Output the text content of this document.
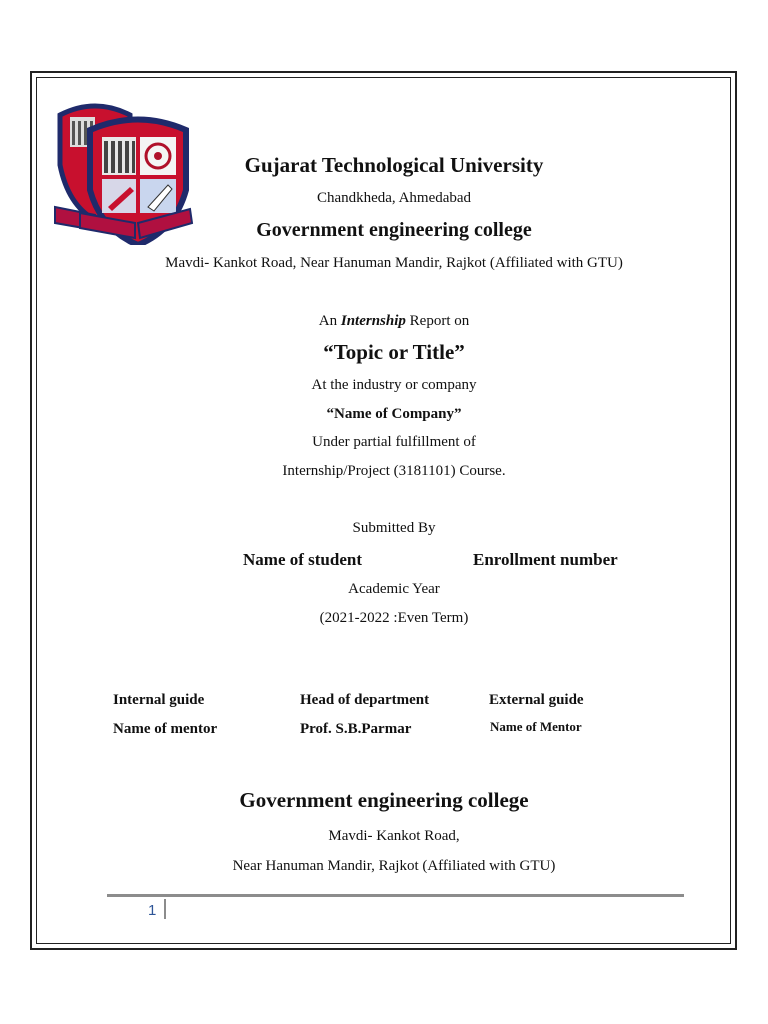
Gujarat Technological University
Chandkheda, Ahmedabad
Government engineering college
Mavdi- Kankot Road, Near Hanuman Mandir, Rajkot (Affiliated with GTU)
An Internship Report on
“Topic or Title”
At the industry or company
“Name of Company”
Under partial fulfillment of
Internship/Project (3181101) Course.
Submitted By
Name of student	Enrollment number
Academic Year
(2021-2022 :Even Term)
Internal guide	Head of department	External guide
Name of mentor	Prof. S.B.Parmar	Name of Mentor
Government engineering college
Mavdi- Kankot Road,
Near Hanuman Mandir, Rajkot (Affiliated with GTU)
1
